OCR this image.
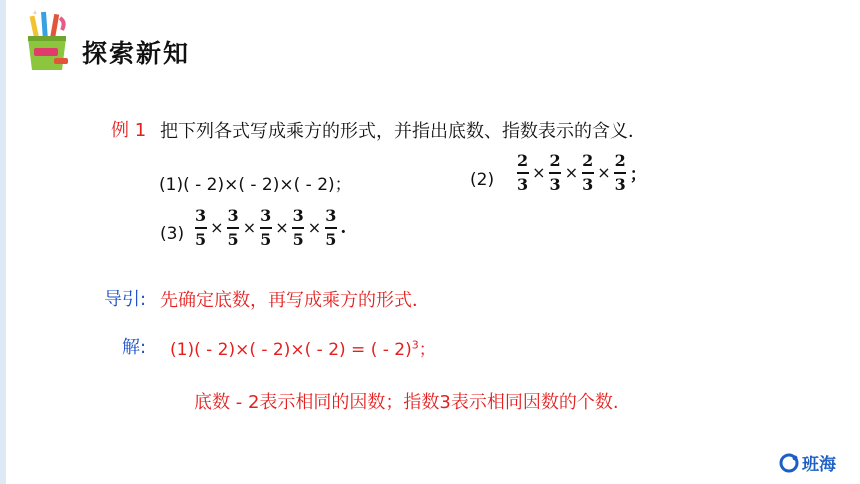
探索新知
例 1 把下列各式写成乘方的形式，并指出底数、指数表示的含义．
(1)( - 2)×( - 2)×( - 2)；	$(2) \frac{2}{3} \times \frac{2}{3} \times \frac{2}{3} \times \frac{2}{3}$ ；
$(3) \frac{3}{5} \times \frac{3}{5} \times \frac{3}{5} \times \frac{3}{5} \times \frac{3}{5}$ .
导引: 先确定底数，再写成乘方的形式．
解: (1)( - 2)×( - 2)×( - 2) = ( - 2)$^3$；
底数 - 2表示相同的因数；指数3表示相同因数的个数.
班海
